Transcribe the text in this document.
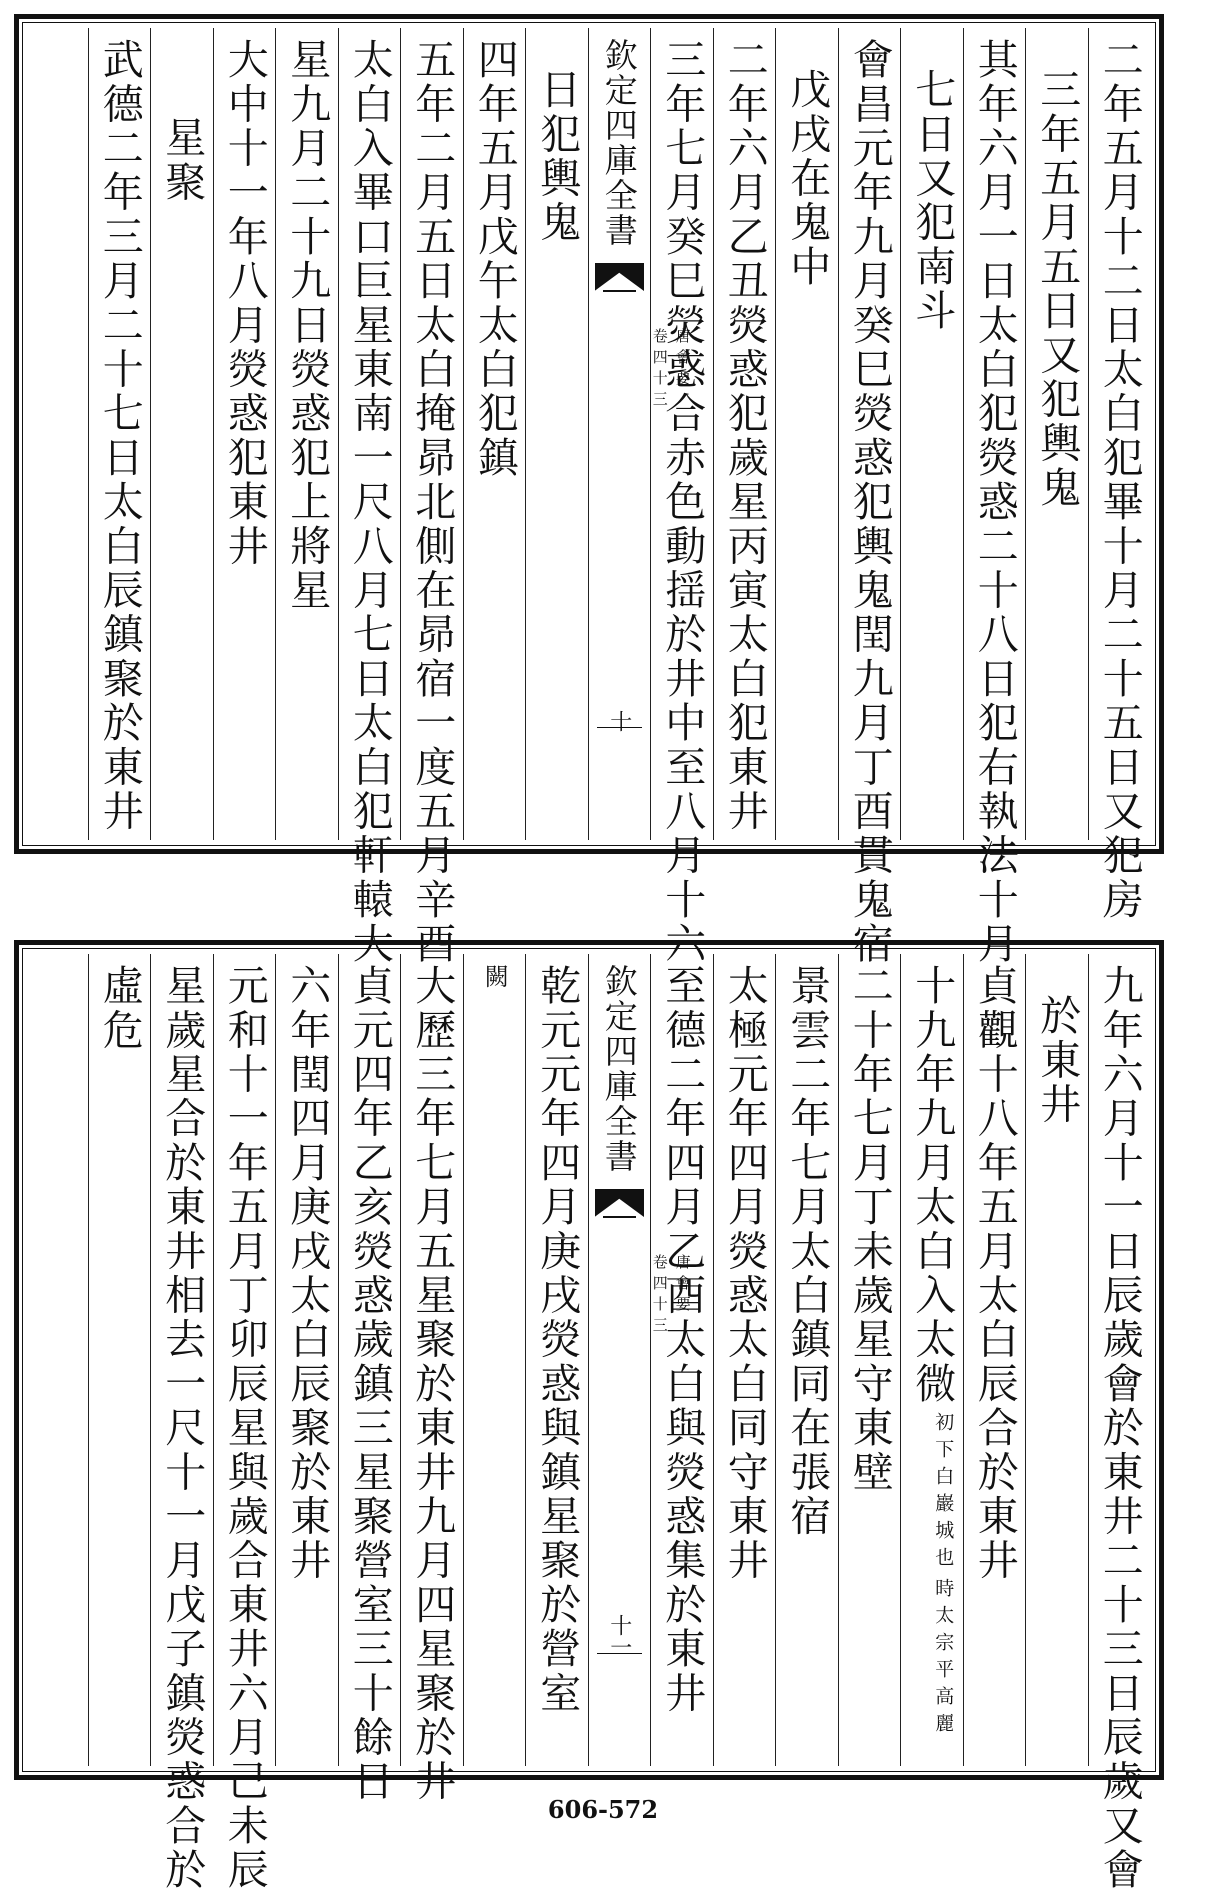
二年五月十二日太白犯畢十月二十五日又犯房
三年五月五日又犯輿鬼
其年六月一日太白犯熒惑二十八日犯右執法十月
七日又犯南斗
會昌元年九月癸巳熒惑犯輿鬼閏九月丁酉貫鬼宿
戊戌在鬼中
二年六月乙丑熒惑犯歲星丙寅太白犯東井
三年七月癸巳熒惑合赤色動揺於井中至八月十六
欽定四庫全書
唐會要
卷四十三
十
日犯輿鬼
四年五月戊午太白犯鎮
五年二月五日太白掩昴北側在昴宿一度五月辛酉
太白入畢口巨星東南一尺八月七日太白犯軒轅大
星九月二十九日熒惑犯上將星
大中十一年八月熒惑犯東井
星聚
武德二年三月二十七日太白辰鎮聚於東井
九年六月十一日辰歲會於東井二十三日辰歲又會
於東井
貞觀十八年五月太白辰合於東井
十九年九月太白入太微
時太宗平高麗
初下白巖城也
二十年七月丁未歲星守東壁
景雲二年七月太白鎮同在張宿
太極元年四月熒惑太白同守東井
至德二年四月乙酉太白與熒惑集於東井
欽定四庫全書
唐會要
卷四十三
十一
乾元元年四月庚戌熒惑與鎮星聚於營室
闕
大歷三年七月五星聚於東井九月四星聚於井
貞元四年乙亥熒惑歲鎮三星聚營室三十餘日
六年閏四月庚戌太白辰聚於東井
元和十一年五月丁卯辰星與歲合東井六月己未辰
星歲星合於東井相去一尺十一月戊子鎮熒惑合於
虛危
606-572
